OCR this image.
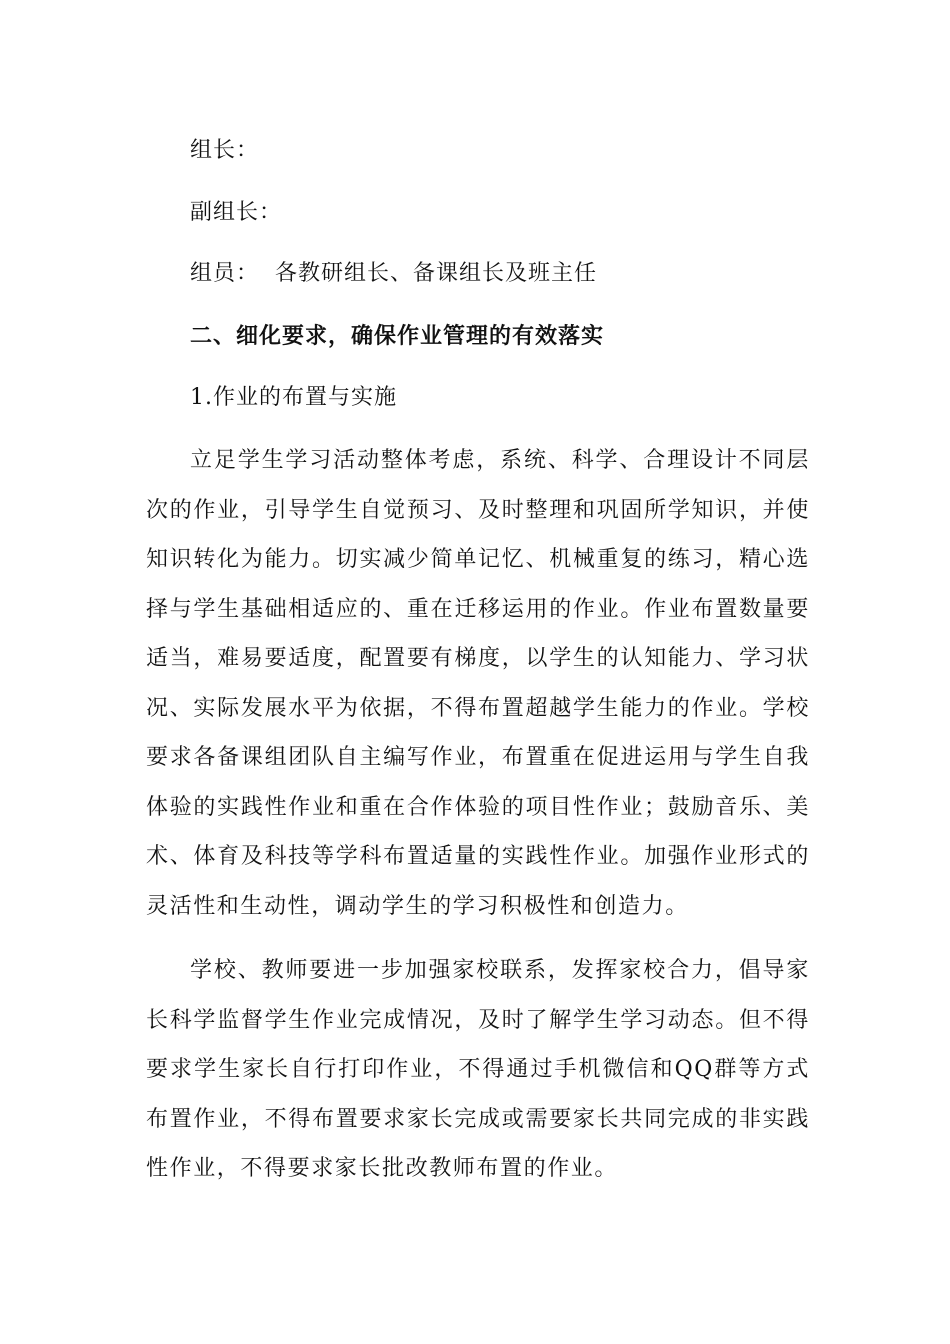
组长：
副组长：
组员：  各教研组长、备课组长及班主任
二、细化要求，确保作业管理的有效落实
1.作业的布置与实施

立足学生学习活动整体考虑，系统、科学、合理设计不同层次的作业，引导学生自觉预习、及时整理和巩固所学知识，并使知识转化为能力。切实减少简单记忆、机械重复的练习，精心选择与学生基础相适应的、重在迁移运用的作业。作业布置数量要适当，难易要适度，配置要有梯度，以学生的认知能力、学习状况、实际发展水平为依据，不得布置超越学生能力的作业。学校要求各备课组团队自主编写作业，布置重在促进运用与学生自我体验的实践性作业和重在合作体验的项目性作业；鼓励音乐、美术、体育及科技等学科布置适量的实践性作业。加强作业形式的灵活性和生动性，调动学生的学习积极性和创造力。

学校、教师要进一步加强家校联系，发挥家校合力，倡导家长科学监督学生作业完成情况，及时了解学生学习动态。但不得要求学生家长自行打印作业，不得通过手机微信和QQ群等方式布置作业，不得布置要求家长完成或需要家长共同完成的非实践性作业，不得要求家长批改教师布置的作业。
